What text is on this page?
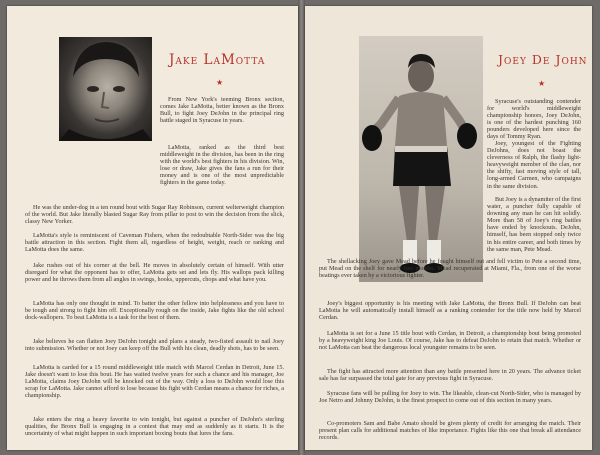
Jake LaMotta
★

From New York's teeming Bronx section, comes Jake LaMotta, better known as the Bronx Bull, to fight Joey DeJohn in the principal ring battle staged in Syracuse in years.

LaMotta, ranked as the third best middleweight in the division, has been in the ring with the world's best fighters in his division. Win, lose or draw, Jake gives the fans a run for their money and is one of the most unpredictable fighters in the game today.

He was the under-dog in a ten round bout with Sugar Ray Robinson, current welterweight champion of the world. But Jake literally blasted Sugar Ray from pillar to post to win the decision from the slick, classy New Yorker.

LaMotta's style is reminiscent of Caveman Fishers, when the redoubtable North-Sider was the big battle attraction in this section. Fight them all, regardless of height, weight, reach or ranking and LaMotta does the same.

Jake rushes out of his corner at the bell. He moves in absolutely certain of himself. With utter disregard for what the opponent has to offer, LaMotta gets set and lets fly. His wallops pack killing power and he throws them from all angles in swings, hooks, uppercuts, chops and what have you.

LaMotta has only one thought in mind. To batter the other fellow into helplessness and you have to be tough and strong to fight him off. Exceptionally rough on the inside, Jake fights like the old school dock-wallopers. To beat LaMotta is a task for the best of them.

Jake believes he can flatten Joey DeJohn tonight and plans a steady, two-fisted assault to nail Joey into submission. Whether or not Joey can keep off the Bull with his clean, deadly shots, has to be seen.

LaMotta is carded for a 15 round middleweight title match with Marcel Cerdan in Detroit, June 15. Jake doesn't want to lose this bout. He has waited twelve years for such a chance and his manager, Joe LaMotta, claims Joey DeJohn will be knocked out of the way. Only a loss to DeJohn would lose this scrap for LaMotta. Jake cannot afford to lose because his fight with Cerdan means a chance for riches, a championship.

Jake enters the ring a heavy favorite to win tonight, but against a puncher of DeJohn's sterling qualities, the Bronx Bull is engaging in a contest that may end as suddenly as it starts. It is the uncertainty of what might happen in such important boxing bouts that lures the fans.

Joey De John
★

Syracuse's outstanding contender for world's middleweight championship honors, Joey DeJohn, is one of the hardest punching 160 pounders developed here since the days of Tommy Ryan.

Joey, youngest of the Fighting DeJohns, does not boast the cleverness of Ralph, the flashy light-heavyweight member of the clan, nor the shifty, fast moving style of tall, long-armed Carmen, who campaigns in the same division.

But Joey is a dynamiter of the first water, a puncher fully capable of downing any man he can hit solidly. More than 58 of Joey's ring battles have ended by knockouts. DeJohn, himself, has been stopped only twice in his entire career, and both times by the same man, Pete Mead.

The shellacking Joey gave Mead before he fought himself out and fell victim to Pete a second time, put Mead on the shelf for nearly two months. Mead recuperated at Miami, Fla., from one of the worse beatings ever taken by a victorious fighter.

Joey's biggest opportunity is his meeting with Jake LaMotta, the Bronx Bull. If DeJohn can beat LaMotta he will automatically install himself as a ranking contender for the title now held by Marcel Cerdan.

LaMotta is set for a June 15 title bout with Cerdan, in Detroit, a championship bout being promoted by a heavyweight king Joe Louis. Of course, Jake has to defeat DeJohn to retain that match. Whether or not LaMotta can beat the dangerous local youngster remains to be seen.

The fight has attracted more attention than any battle presented here in 20 years. The advance ticket sale has far surpassed the total gate for any previous fight in Syracuse.

Syracuse fans will be pulling for Joey to win. The likeable, clean-cut North-Sider, who is managed by Joe Netro and Johnny DeJohn, is the finest prospect to come out of this section in many years.

Co-promoters Sam and Babe Amato should be given plenty of credit for arranging the match. Their present plan calls for additional matches of like importance. Fights like this one that break all attendance records.
